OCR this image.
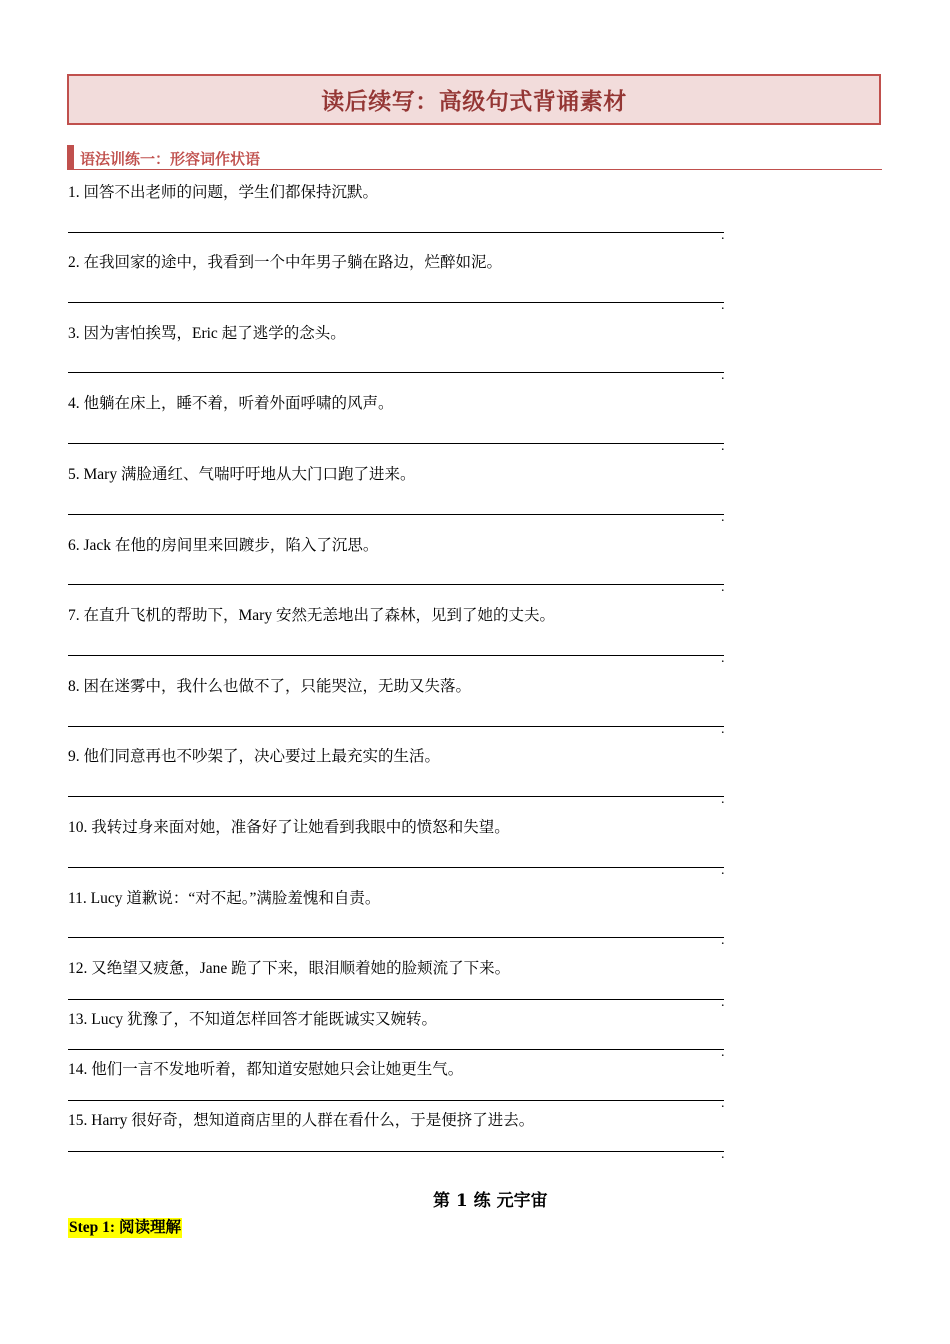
读后续写：高级句式背诵素材
语法训练一：形容词作状语
1. 回答不出老师的问题，学生们都保持沉默。
.
2. 在我回家的途中，我看到一个中年男子躺在路边，烂醉如泥。
.
3. 因为害怕挨骂，Eric 起了逃学的念头。
.
4. 他躺在床上，睡不着，听着外面呼啸的风声。
.
5. Mary 满脸通红、气喘吁吁地从大门口跑了进来。
.
6. Jack 在他的房间里来回踱步，陷入了沉思。
.
7. 在直升飞机的帮助下，Mary 安然无恙地出了森林，见到了她的丈夫。
.
8. 困在迷雾中，我什么也做不了，只能哭泣，无助又失落。
.
9. 他们同意再也不吵架了，决心要过上最充实的生活。
.
10. 我转过身来面对她，准备好了让她看到我眼中的愤怒和失望。
.
11. Lucy 道歉说：“对不起。”满脸羞愧和自责。
.
12. 又绝望又疲惫，Jane 跪了下来，眼泪顺着她的脸颊流了下来。
.
13. Lucy 犹豫了，不知道怎样回答才能既诚实又婉转。
.
14. 他们一言不发地听着，都知道安慰她只会让她更生气。
.
15. Harry 很好奇，想知道商店里的人群在看什么，于是便挤了进去。
.
第 1 练 元宇宙
Step 1: 阅读理解
